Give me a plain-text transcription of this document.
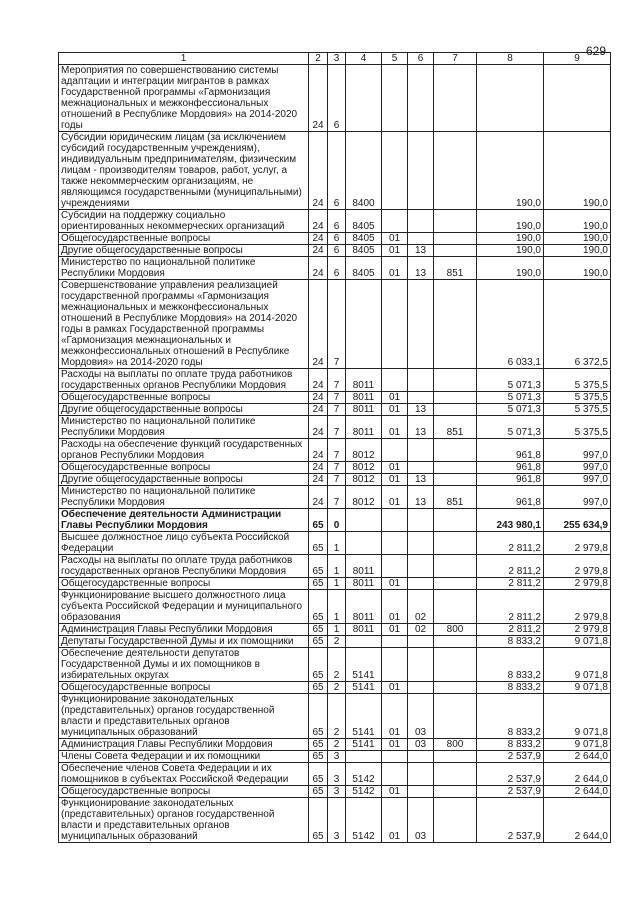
629
1	2	3	4	5	6	7	8	9
Мероприятия по совершенствованию системы адаптации и интеграции мигрантов в рамках Государственной программы «Гармонизация межнациональных и межконфессиональных отношений в Республике Мордовия» на 2014-2020 годы	24	6						
Субсидии юридическим лицам (за исключением субсидий государственным учреждениям), индивидуальным предпринимателям, физическим лицам - производителям товаров, работ, услуг, а также некоммерческим организациям, не являющимся государственными (муниципальными) учреждениями	24	6	8400				190,0	190,0
Субсидии на поддержку социально ориентированных некоммерческих организаций	24	6	8405				190,0	190,0
Общегосударственные вопросы	24	6	8405	01			190,0	190,0
Другие общегосударственные вопросы	24	6	8405	01	13		190,0	190,0
Министерство по национальной политике Республики Мордовия	24	6	8405	01	13	851	190,0	190,0
Совершенствование управления реализацией государственной программы «Гармонизация межнациональных и межконфессиональных отношений в Республике Мордовия» на 2014-2020 годы в рамках Государственной программы «Гармонизация межнациональных и межконфессиональных отношений в Республике Мордовия» на 2014-2020 годы	24	7					6 033,1	6 372,5
Расходы на выплаты по оплате труда работников государственных органов Республики Мордовия	24	7	8011				5 071,3	5 375,5
Общегосударственные вопросы	24	7	8011	01			5 071,3	5 375,5
Другие общегосударственные вопросы	24	7	8011	01	13		5 071,3	5 375,5
Министерство по национальной политике Республики Мордовия	24	7	8011	01	13	851	5 071,3	5 375,5
Расходы на обеспечение функций государственных органов Республики Мордовия	24	7	8012				961,8	997,0
Общегосударственные вопросы	24	7	8012	01			961,8	997,0
Другие общегосударственные вопросы	24	7	8012	01	13		961,8	997,0
Министерство по национальной политике Республики Мордовия	24	7	8012	01	13	851	961,8	997,0
Обеспечение деятельности Администрации Главы Республики Мордовия	65	0					243 980,1	255 634,9
Высшее должностное лицо субъекта Российской Федерации	65	1					2 811,2	2 979,8
Расходы на выплаты по оплате труда работников государственных органов Республики Мордовия	65	1	8011				2 811,2	2 979,8
Общегосударственные вопросы	65	1	8011	01			2 811,2	2 979,8
Функционирование высшего должностного лица субъекта Российской Федерации и муниципального образования	65	1	8011	01	02		2 811,2	2 979,8
Администрация Главы Республики Мордовия	65	1	8011	01	02	800	2 811,2	2 979,8
Депутаты Государственной Думы и их помощники	65	2					8 833,2	9 071,8
Обеспечение деятельности депутатов Государственной Думы и их помощников в избирательных округах	65	2	5141				8 833,2	9 071,8
Общегосударственные вопросы	65	2	5141	01			8 833,2	9 071,8
Функционирование законодательных (представительных) органов государственной власти и представительных органов муниципальных образований	65	2	5141	01	03		8 833,2	9 071,8
Администрация Главы Республики Мордовия	65	2	5141	01	03	800	8 833,2	9 071,8
Члены Совета Федерации и их помощники	65	3					2 537,9	2 644,0
Обеспечение членов Совета Федерации и их помощников в субъектах Российской Федерации	65	3	5142				2 537,9	2 644,0
Общегосударственные вопросы	65	3	5142	01			2 537,9	2 644,0
Функционирование законодательных (представительных) органов государственной власти и представительных органов муниципальных образований	65	3	5142	01	03		2 537,9	2 644,0
